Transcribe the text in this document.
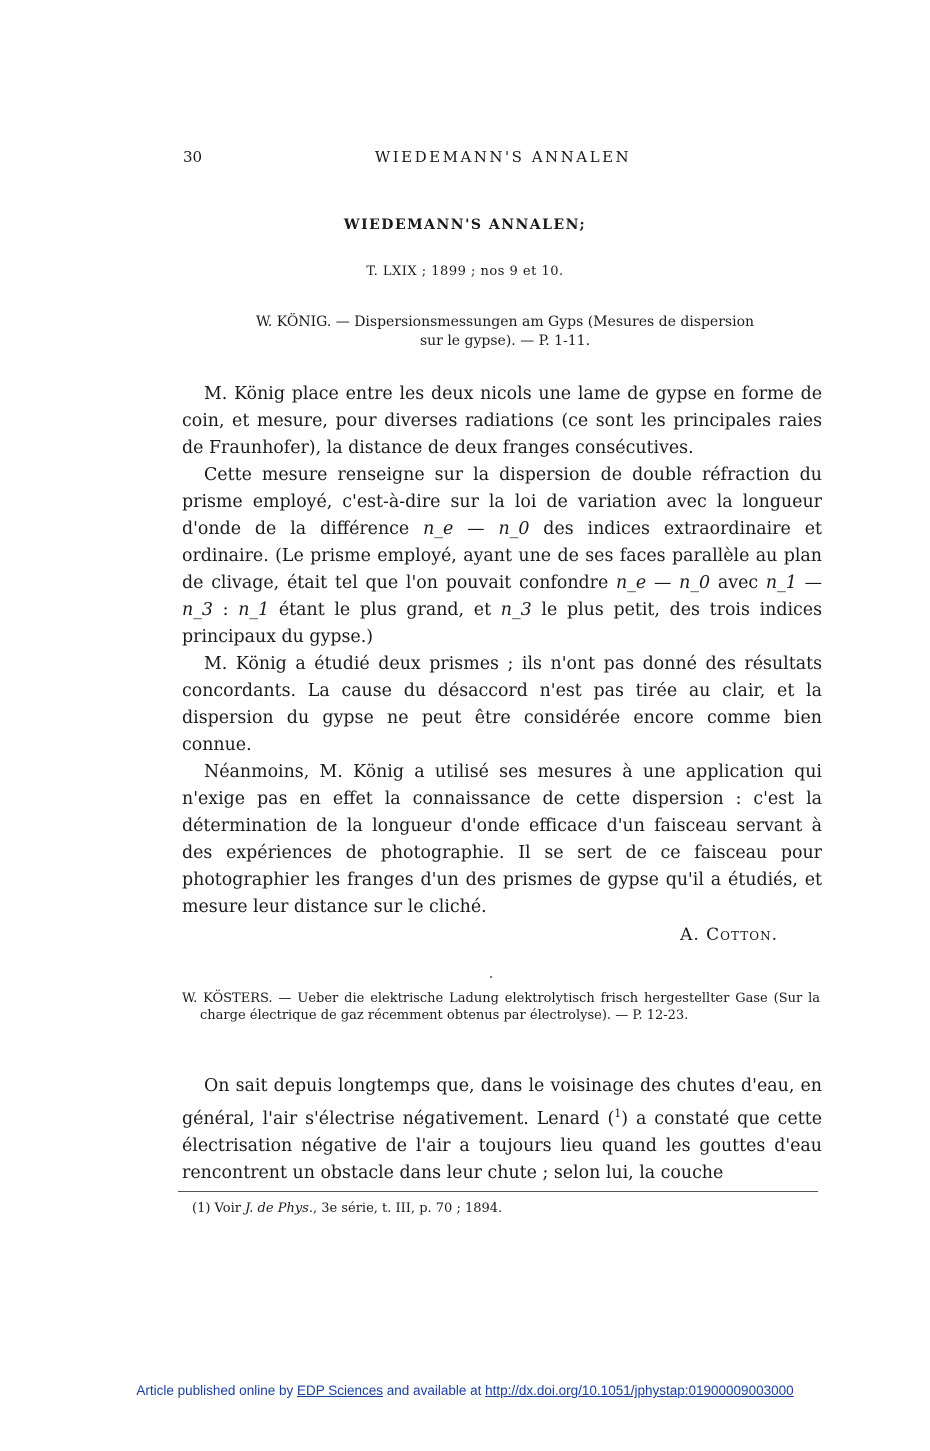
30	WIEDEMANN'S ANNALEN
WIEDEMANN'S ANNALEN;
T. LXIX ; 1899 ; nos 9 et 10.
W. KÖNIG. — Dispersionsmessungen am Gyps (Mesures de dispersion
sur le gypse). — P. 1-11.

M. König place entre les deux nicols une lame de gypse en forme de coin, et mesure, pour diverses radiations (ce sont les principales raies de Fraunhofer), la distance de deux franges consécutives.

Cette mesure renseigne sur la dispersion de double réfraction du prisme employé, c'est-à-dire sur la loi de variation avec la longueur d'onde de la différence n_e — n_0 des indices extraordinaire et ordinaire. (Le prisme employé, ayant une de ses faces parallèle au plan de clivage, était tel que l'on pouvait confondre n_e — n_0 avec n_1 — n_3 : n_1 étant le plus grand, et n_3 le plus petit, des trois indices principaux du gypse.)

M. König a étudié deux prismes ; ils n'ont pas donné des résultats concordants. La cause du désaccord n'est pas tirée au clair, et la dispersion du gypse ne peut être considérée encore comme bien connue.

Néanmoins, M. König a utilisé ses mesures à une application qui n'exige pas en effet la connaissance de cette dispersion : c'est la détermination de la longueur d'onde efficace d'un faisceau servant à des expériences de photographie. Il se sert de ce faisceau pour photographier les franges d'un des prismes de gypse qu'il a étudiés, et mesure leur distance sur le cliché.

A. Cotton.
W. KÖSTERS. — Ueber die elektrische Ladung elektrolytisch frisch hergestellter Gase (Sur la charge électrique de gaz récemment obtenus par électrolyse). — P. 12-23.

On sait depuis longtemps que, dans le voisinage des chutes d'eau, en général, l'air s'électrise négativement. Lenard ($^1$) a constaté que cette électrisation négative de l'air a toujours lieu quand les gouttes d'eau rencontrent un obstacle dans leur chute ; selon lui, la couche

(1) Voir J. de Phys., 3e série, t. III, p. 70 ; 1894.
Article published online by EDP Sciences and available at http://dx.doi.org/10.1051/jphystap:01900009003000
